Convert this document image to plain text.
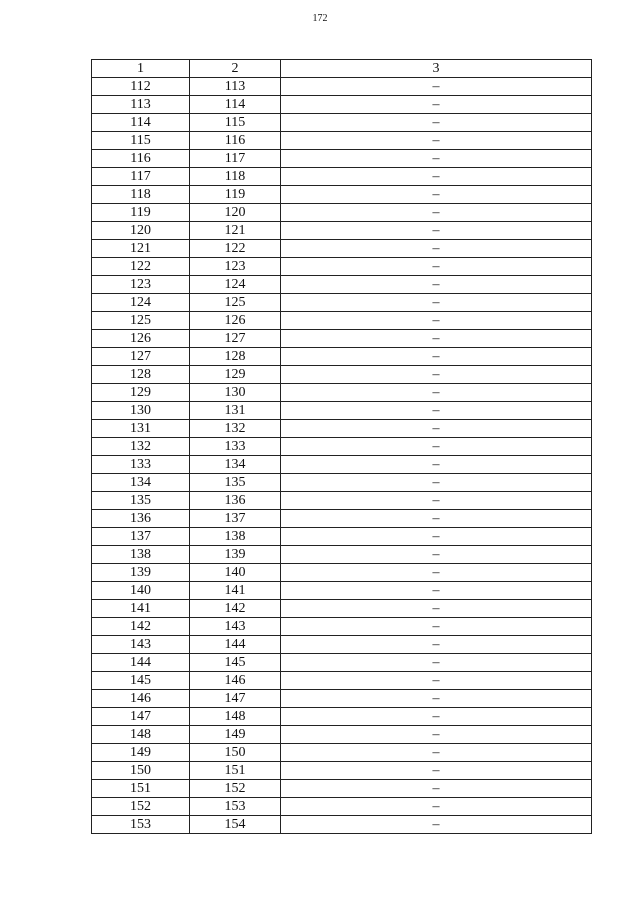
172
1	2	3
112	113	–
113	114	–
114	115	–
115	116	–
116	117	–
117	118	–
118	119	–
119	120	–
120	121	–
121	122	–
122	123	–
123	124	–
124	125	–
125	126	–
126	127	–
127	128	–
128	129	–
129	130	–
130	131	–
131	132	–
132	133	–
133	134	–
134	135	–
135	136	–
136	137	–
137	138	–
138	139	–
139	140	–
140	141	–
141	142	–
142	143	–
143	144	–
144	145	–
145	146	–
146	147	–
147	148	–
148	149	–
149	150	–
150	151	–
151	152	–
152	153	–
153	154	–
